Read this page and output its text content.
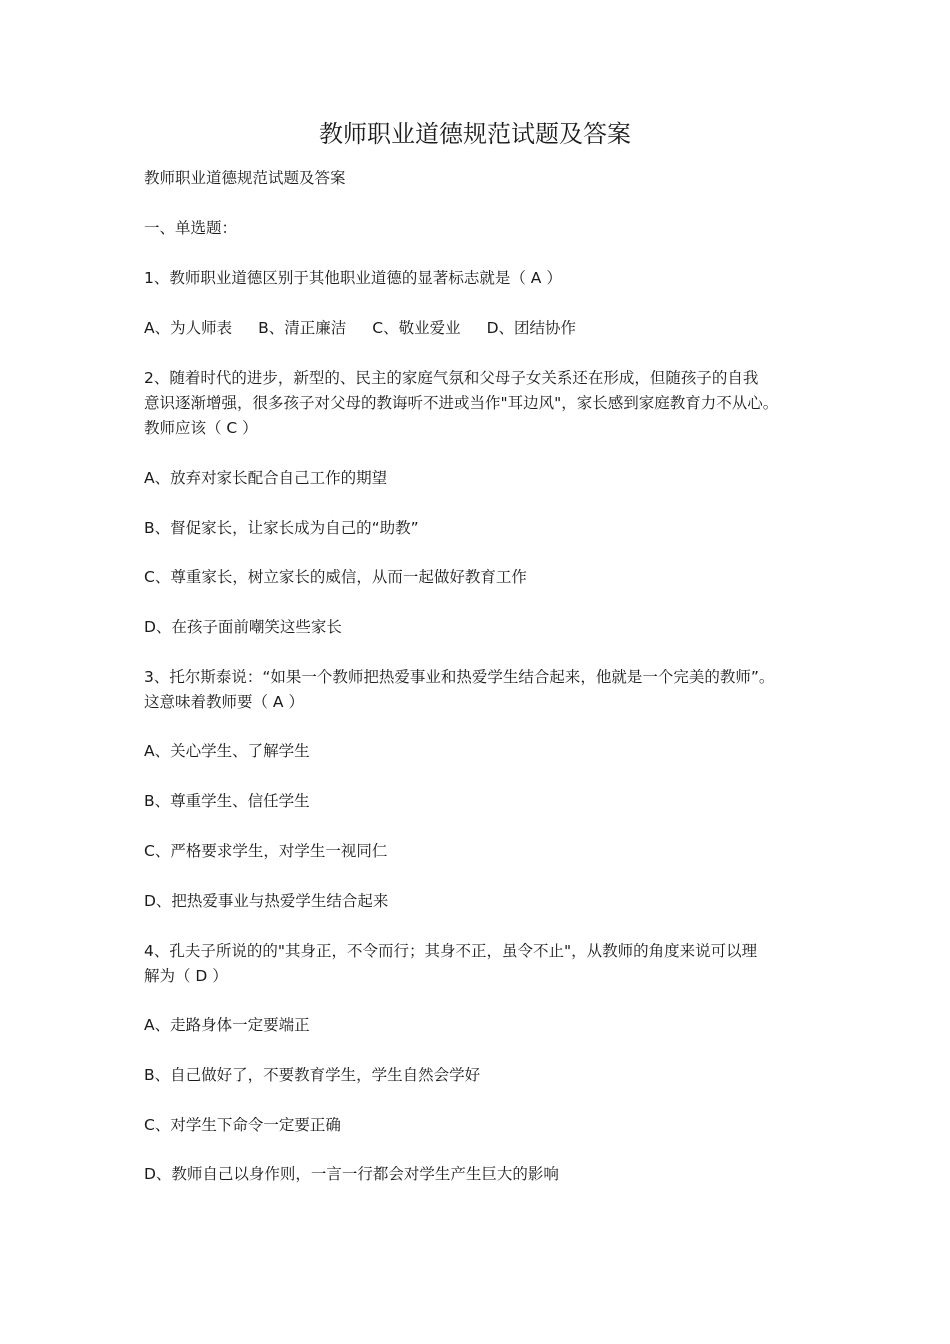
教师职业道德规范试题及答案
教师职业道德规范试题及答案
一、单选题：
1、教师职业道德区别于其他职业道德的显著标志就是（ A ）
A、为人师表 B、清正廉洁 C、敬业爱业 D、团结协作
2、随着时代的进步，新型的、民主的家庭气氛和父母子女关系还在形成，但随孩子的自我
意识逐渐增强，很多孩子对父母的教诲听不进或当作"耳边风"，家长感到家庭教育力不从心。
教师应该（ C ）
A、放弃对家长配合自己工作的期望
B、督促家长，让家长成为自己的“助教”
C、尊重家长，树立家长的威信，从而一起做好教育工作
D、在孩子面前嘲笑这些家长
3、托尔斯泰说：“如果一个教师把热爱事业和热爱学生结合起来，他就是一个完美的教师”。
这意味着教师要（ A ）
A、关心学生、了解学生
B、尊重学生、信任学生
C、严格要求学生，对学生一视同仁
D、把热爱事业与热爱学生结合起来
4、孔夫子所说的的"其身正，不令而行；其身不正，虽令不止"，从教师的角度来说可以理
解为（ D ）
A、走路身体一定要端正
B、自己做好了，不要教育学生，学生自然会学好
C、对学生下命令一定要正确
D、教师自己以身作则，一言一行都会对学生产生巨大的影响
